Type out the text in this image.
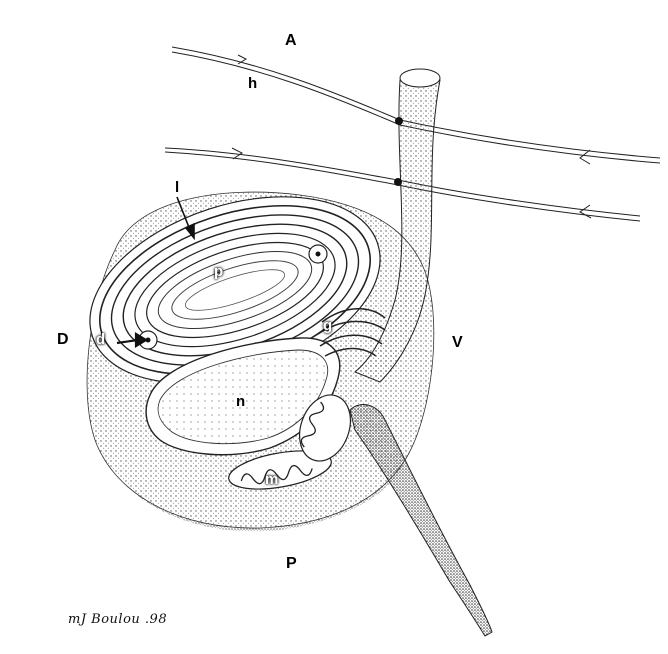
A
P
D	V
h
l
p
d
g
n
m
mJ Boulou .98
